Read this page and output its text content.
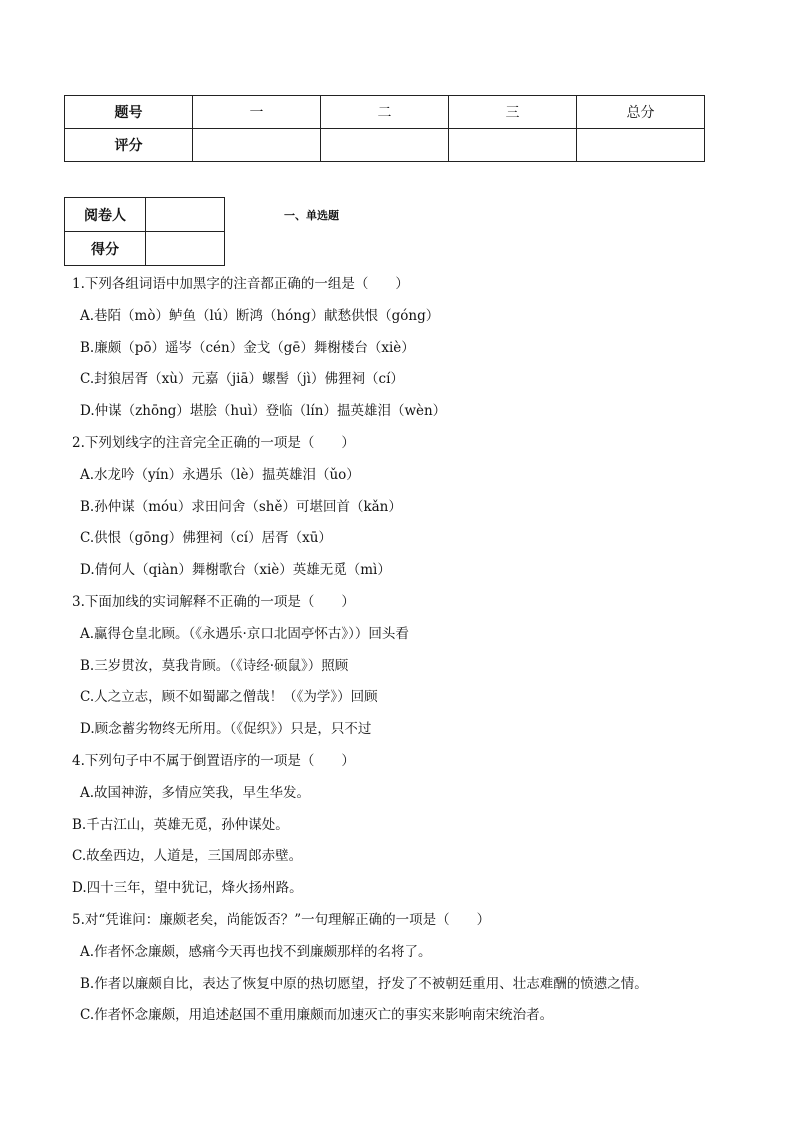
题号	一	二	三	总分
评分				
阅卷人	
得分	
一、单选题
1.下列各组词语中加黑字的注音都正确的一组是（　　）
A.巷陌（mò）鲈鱼（lú）断鸿（hóng）献愁供恨（góng）
B.廉颇（pō）遥岑（cén）金戈（gē）舞榭楼台（xiè）
C.封狼居胥（xù）元嘉（jiā）螺髻（jì）佛狸祠（cí）
D.仲谋（zhōng）堪脍（huì）登临（lín）揾英雄泪（wèn）
2.下列划线字的注音完全正确的一项是（　　）
A.水龙吟（yín）永遇乐（lè）揾英雄泪（ǔo）
B.孙仲谋（móu）求田问舍（shě）可堪回首（kǎn）
C.供恨（gōng）佛狸祠（cí）居胥（xū）
D.倩何人（qiàn）舞榭歌台（xiè）英雄无觅（mì）
3.下面加线的实词解释不正确的一项是（　　）
A.赢得仓皇北顾。（《永遇乐·京口北固亭怀古》））回头看
B.三岁贯汝，莫我肯顾。（《诗经·硕鼠》）照顾
C.人之立志，顾不如蜀鄙之僧哉！（《为学》）回顾
D.顾念蓄劣物终无所用。（《促织》）只是，只不过
4.下列句子中不属于倒置语序的一项是（　　）
A.故国神游，多情应笑我，早生华发。
B.千古江山，英雄无觅，孙仲谋处。
C.故垒西边，人道是，三国周郎赤壁。
D.四十三年，望中犹记，烽火扬州路。
5.对“凭谁问：廉颇老矣，尚能饭否？”一句理解正确的一项是（　　）
A.作者怀念廉颇，感痛今天再也找不到廉颇那样的名将了。
B.作者以廉颇自比，表达了恢复中原的热切愿望，抒发了不被朝廷重用、壮志难酬的愤懑之情。
C.作者怀念廉颇，用追述赵国不重用廉颇而加速灭亡的事实来影响南宋统治者。
